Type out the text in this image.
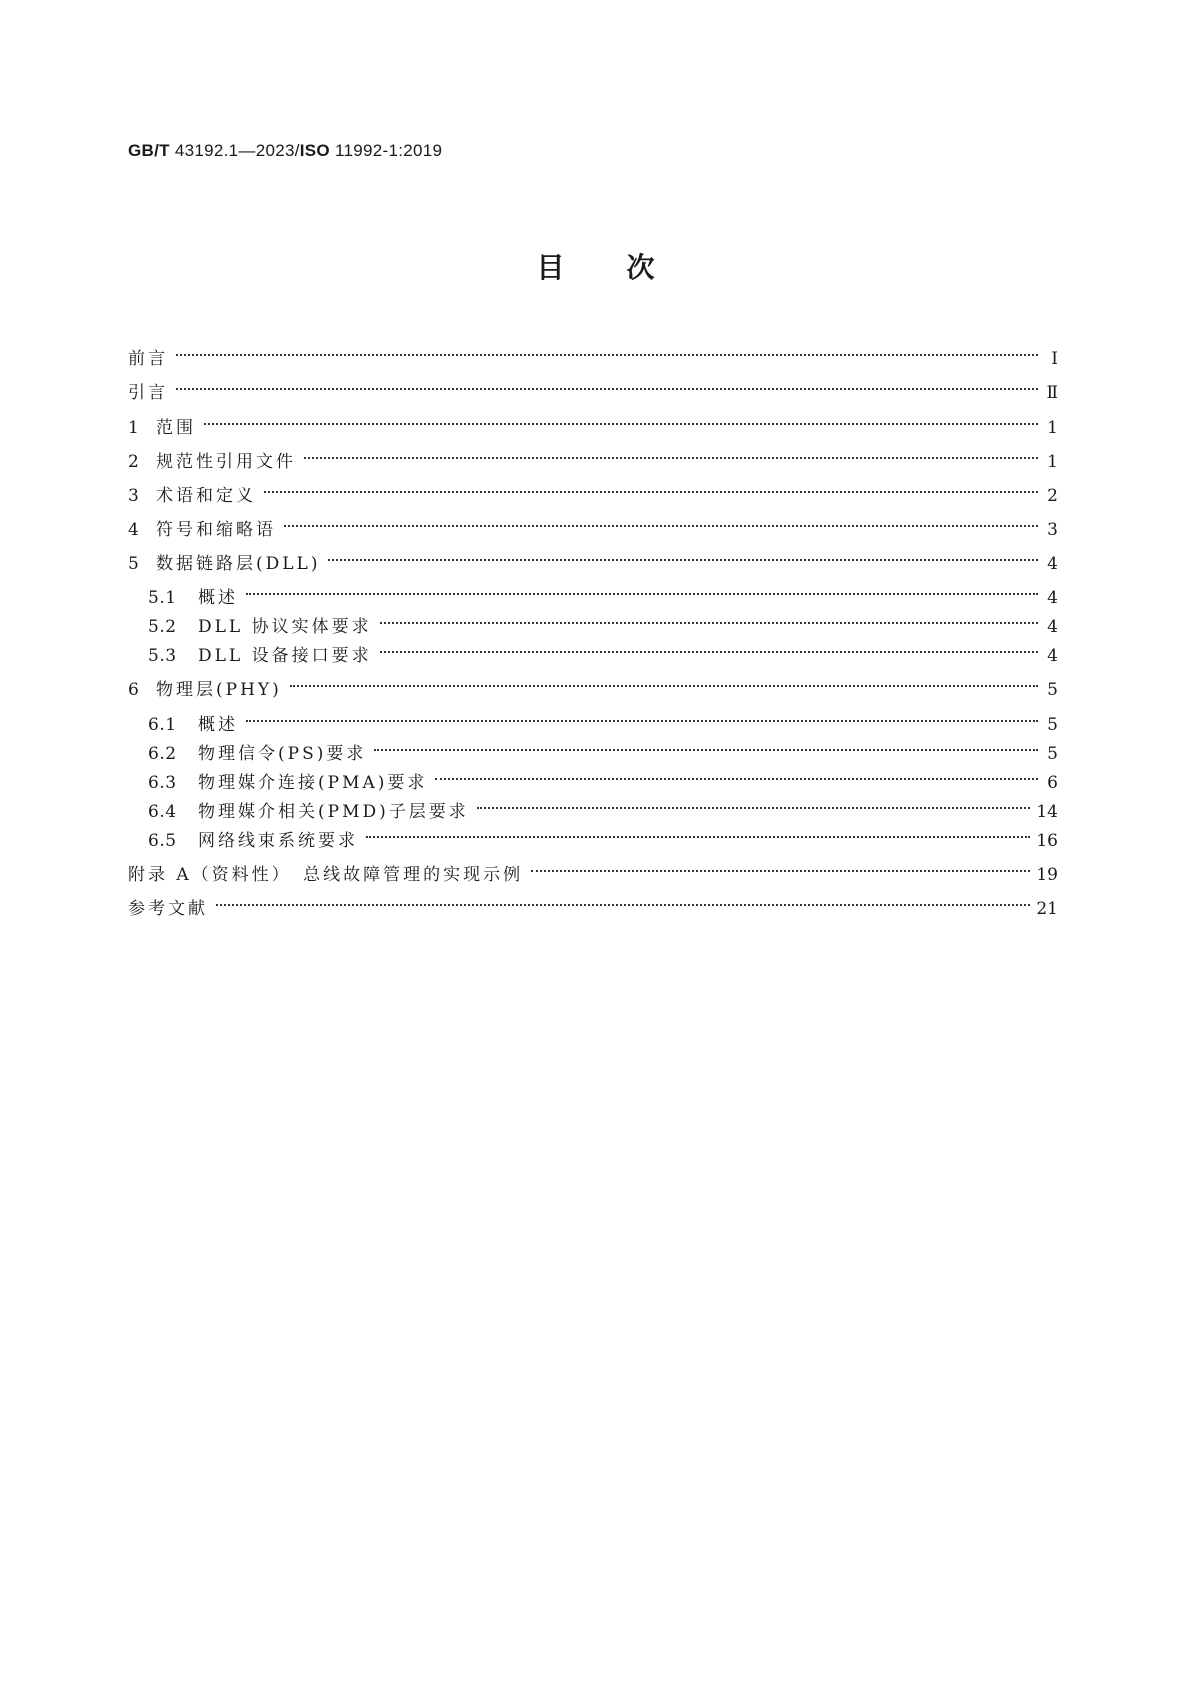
GB/T 43192.1—2023/ISO 11992-1:2019
目次
前言	Ⅰ
引言	Ⅱ
1 范围	1
2 规范性引用文件	1
3 术语和定义	2
4 符号和缩略语	3
5 数据链路层(DLL)	4
5.1	概述	4
5.2	DLL 协议实体要求	4
5.3	DLL 设备接口要求	4
6 物理层(PHY)	5
6.1	概述	5
6.2	物理信令(PS)要求	5
6.3	物理媒介连接(PMA)要求	6
6.4	物理媒介相关(PMD)子层要求	14
6.5	网络线束系统要求	16
附录 A（资料性）　总线故障管理的实现示例	19
参考文献	21
